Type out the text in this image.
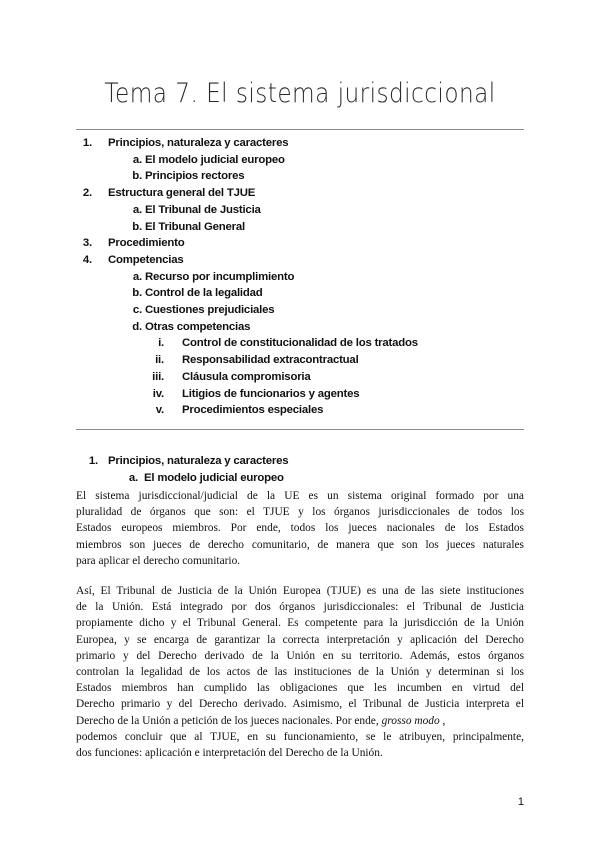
Tema 7. El sistema jurisdiccional
1. Principios, naturaleza y caracteres
a. El modelo judicial europeo
El sistema jurisdiccional/judicial de la UE es un sistema original formado por una
pluralidad de órganos que son: el TJUE y los órganos jurisdiccionales de todos los
Estados europeos miembros. Por ende, todos los jueces nacionales de los Estados
miembros son jueces de derecho comunitario, de manera que son los jueces naturales
para aplicar el derecho comunitario.
Así, El Tribunal de Justicia de la Unión Europea (TJUE) es una de las siete instituciones
de la Unión. Está integrado por dos órganos jurisdiccionales: el Tribunal de Justicia
propiamente dicho y el Tribunal General. Es competente para la jurisdicción de la Unión
Europea, y se encarga de garantizar la correcta interpretación y aplicación del Derecho
primario y del Derecho derivado de la Unión en su territorio. Además, estos órganos
controlan la legalidad de los actos de las instituciones de la Unión y determinan si los
Estados miembros han cumplido las obligaciones que les incumben en virtud del
Derecho primario y del Derecho derivado. Asimismo, el Tribunal de Justicia interpreta el
Derecho de la Unión a petición de los jueces nacionales. Por ende, grosso modo ,
podemos concluir que al TJUE, en su funcionamiento, se le atribuyen, principalmente,
dos funciones: aplicación e interpretación del Derecho de la Unión.
1
1. Principios, naturaleza y caracteres
a. El modelo judicial europeo
b. Principios rectores
2. Estructura general del TJUE
a. El Tribunal de Justicia
b. El Tribunal General
3. Procedimiento
4. Competencias
a. Recurso por incumplimiento
b. Control de la legalidad
c. Cuestiones prejudiciales
d. Otras competencias
i. Control de constitucionalidad de los tratados
ii. Responsabilidad extracontractual
iii. Cláusula compromisoria
iv. Litigios de funcionarios y agentes
v. Procedimientos especiales
